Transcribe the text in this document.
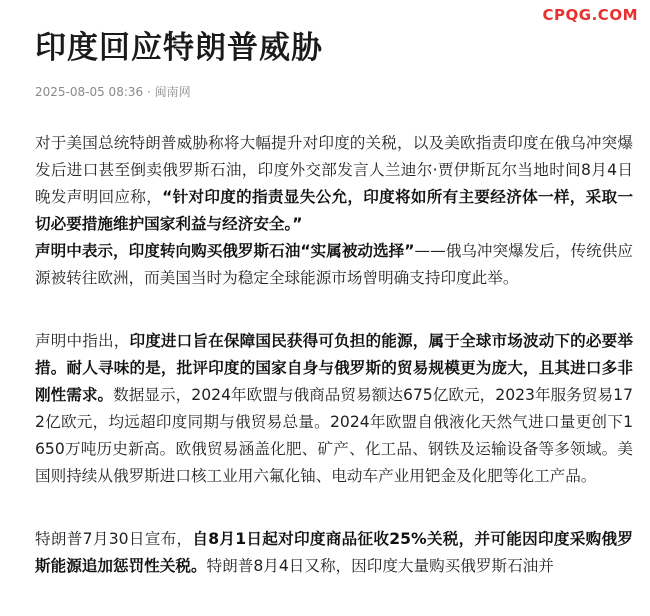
CPQG.COM
印度回应特朗普威胁
2025-08-05 08:36 · 闽南网

对于美国总统特朗普威胁称将大幅提升对印度的关税，以及美欧指责印度在俄乌冲突爆发后进口甚至倒卖俄罗斯石油，印度外交部发言人兰迪尔·贾伊斯瓦尔当地时间8月4日晚发声明回应称，“针对印度的指责显失公允，印度将如所有主要经济体一样，采取一切必要措施维护国家利益与经济安全。”

声明中表示，印度转向购买俄罗斯石油“实属被动选择”——俄乌冲突爆发后，传统供应源被转往欧洲，而美国当时为稳定全球能源市场曾明确支持印度此举。

声明中指出，印度进口旨在保障国民获得可负担的能源，属于全球市场波动下的必要举措。耐人寻味的是，批评印度的国家自身与俄罗斯的贸易规模更为庞大，且其进口多非刚性需求。数据显示，2024年欧盟与俄商品贸易额达675亿欧元，2023年服务贸易172亿欧元，均远超印度同期与俄贸易总量。2024年欧盟自俄液化天然气进口量更创下1650万吨历史新高。欧俄贸易涵盖化肥、矿产、化工品、钢铁及运输设备等多领域。美国则持续从俄罗斯进口核工业用六氟化铀、电动车产业用钯金及化肥等化工产品。

特朗普7月30日宣布，自8月1日起对印度商品征收25%关税，并可能因印度采购俄罗斯能源追加惩罚性关税。特朗普8月4日又称，因印度大量购买俄罗斯石油并
